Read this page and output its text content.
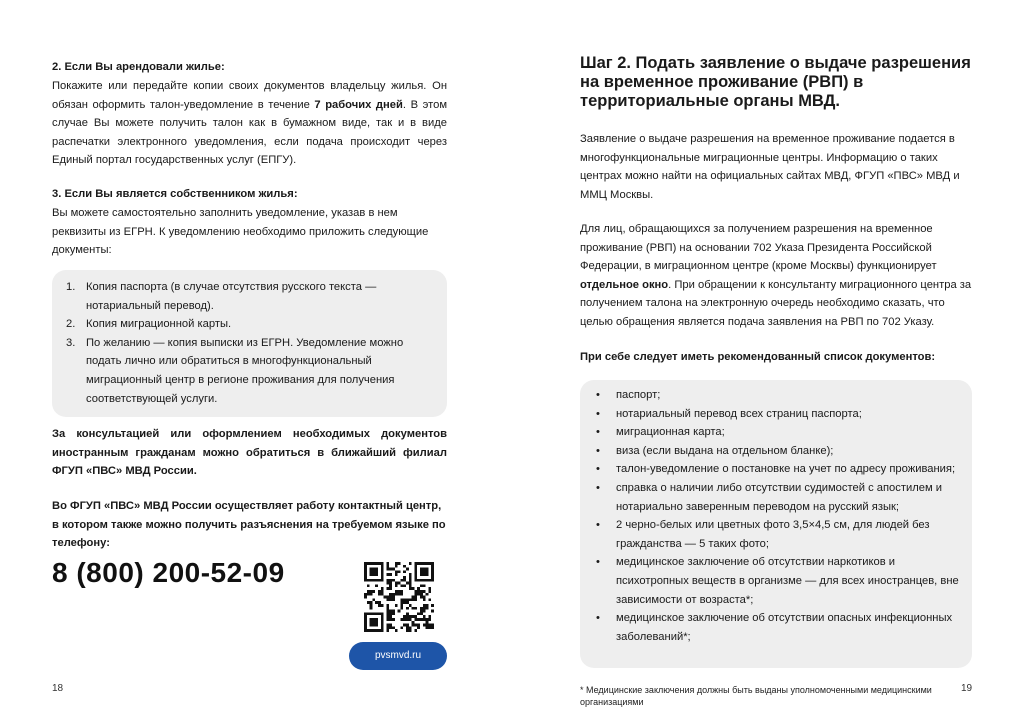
2. Если Вы арендовали жилье:

Покажите или передайте копии своих документов владельцу жилья. Он обязан оформить талон-уведомление в течение 7 рабочих дней. В этом случае Вы можете получить талон как в бумажном виде, так и в виде распечатки электронного уведомления, если подача происходит через Единый портал государственных услуг (ЕПГУ).

3. Если Вы является собственником жилья:

Вы можете самостоятельно заполнить уведомление, указав в нем реквизиты из ЕГРН. К уведомлению необходимо приложить следующие документы:

1. Копия паспорта (в случае отсутствия русского текста — нотариальный перевод).
2. Копия миграционной карты.
3. По желанию — копия выписки из ЕГРН. Уведомление можно подать лично или обратиться в многофункциональный миграционный центр в регионе проживания для получения соответствующей услуги.

За консультацией или оформлением необходимых документов иностранным гражданам можно обратиться в ближайший филиал ФГУП «ПВС» МВД России.

Во ФГУП «ПВС» МВД России осуществляет работу контактный центр, в котором также можно получить разъяснения на требуемом языке по телефону:

8 (800) 200-52-09
pvsmvd.ru
18
Шаг 2. Подать заявление о выдаче разрешения на временное проживание (РВП) в территориальные органы МВД.

Заявление о выдаче разрешения на временное проживание подается в многофункциональные миграционные центры. Информацию о таких центрах можно найти на официальных сайтах МВД, ФГУП «ПВС» МВД и ММЦ Москвы.

Для лиц, обращающихся за получением разрешения на временное проживание (РВП) на основании 702 Указа Президента Российской Федерации, в миграционном центре (кроме Москвы) функционирует отдельное окно. При обращении к консультанту миграционного центра за получением талона на электронную очередь необходимо сказать, что целью обращения является подача заявления на РВП по 702 Указу.

При себе следует иметь рекомендованный список документов:

• паспорт;
• нотариальный перевод всех страниц паспорта;
• миграционная карта;
• виза (если выдана на отдельном бланке);
• талон-уведомление о постановке на учет по адресу проживания;
• справка о наличии либо отсутствии судимостей с апостилем и нотариально заверенным переводом на русский язык;
• 2 черно-белых или цветных фото 3,5×4,5 см, для людей без гражданства — 5 таких фото;
• медицинское заключение об отсутствии наркотиков и психотропных веществ в организме — для всех иностранцев, вне зависимости от возраста*;
• медицинское заключение об отсутствии опасных инфекционных заболеваний*;
* Медицинские заключения должны быть выданы уполномоченными медицинскими организациями
19
